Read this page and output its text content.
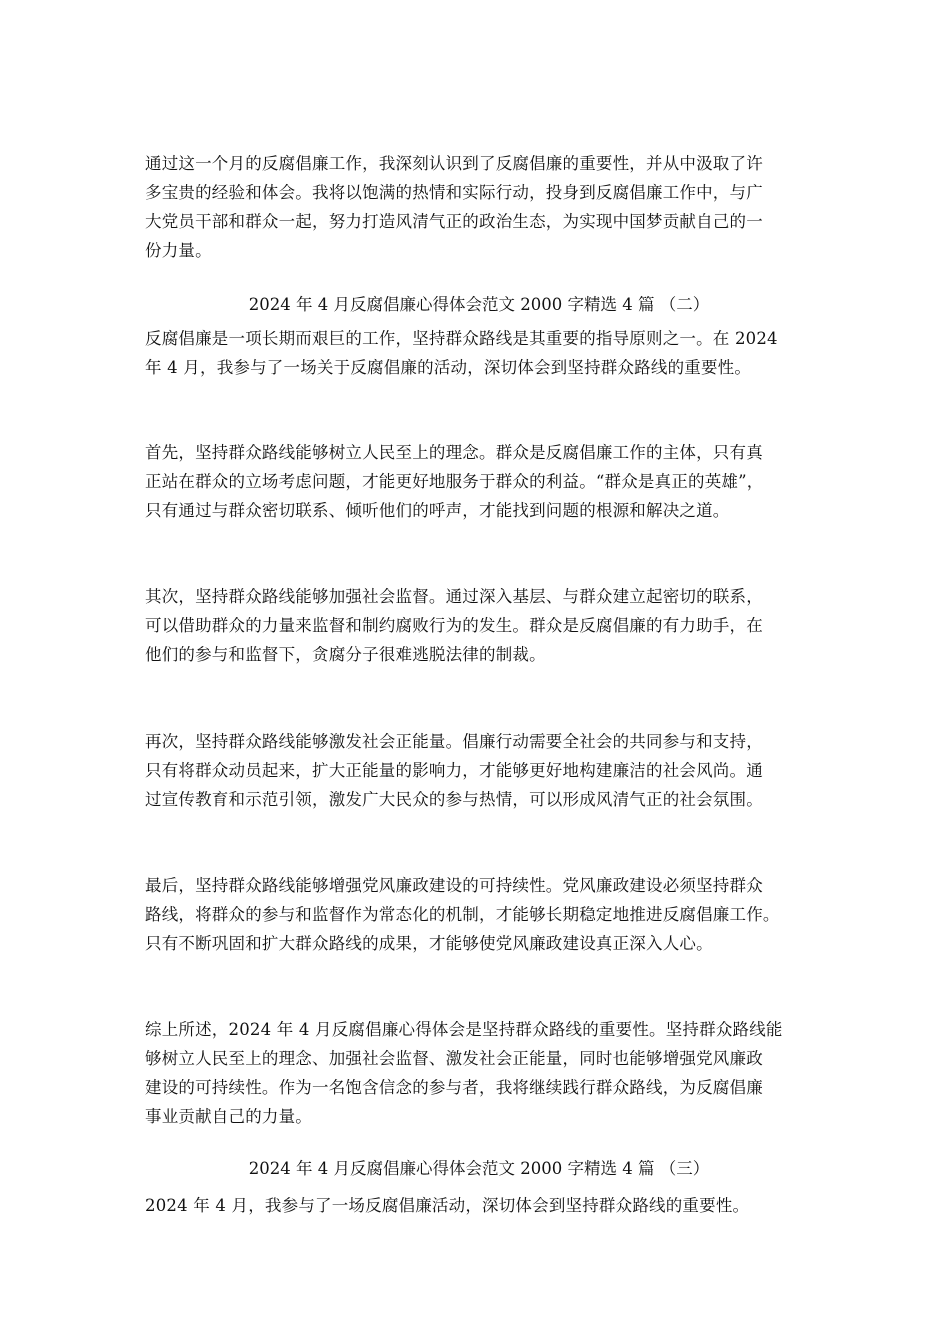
通过这一个月的反腐倡廉工作，我深刻认识到了反腐倡廉的重要性，并从中汲取了许
多宝贵的经验和体会。我将以饱满的热情和实际行动，投身到反腐倡廉工作中，与广
大党员干部和群众一起，努力打造风清气正的政治生态，为实现中国梦贡献自己的一
份力量。
2024 年 4 月反腐倡廉心得体会范文 2000 字精选 4 篇 （二）
反腐倡廉是一项长期而艰巨的工作，坚持群众路线是其重要的指导原则之一。在 2024
年 4 月，我参与了一场关于反腐倡廉的活动，深切体会到坚持群众路线的重要性。
首先，坚持群众路线能够树立人民至上的理念。群众是反腐倡廉工作的主体，只有真
正站在群众的立场考虑问题，才能更好地服务于群众的利益。“群众是真正的英雄”，
只有通过与群众密切联系、倾听他们的呼声，才能找到问题的根源和解决之道。
其次，坚持群众路线能够加强社会监督。通过深入基层、与群众建立起密切的联系，
可以借助群众的力量来监督和制约腐败行为的发生。群众是反腐倡廉的有力助手，在
他们的参与和监督下，贪腐分子很难逃脱法律的制裁。
再次，坚持群众路线能够激发社会正能量。倡廉行动需要全社会的共同参与和支持，
只有将群众动员起来，扩大正能量的影响力，才能够更好地构建廉洁的社会风尚。通
过宣传教育和示范引领，激发广大民众的参与热情，可以形成风清气正的社会氛围。
最后，坚持群众路线能够增强党风廉政建设的可持续性。党风廉政建设必须坚持群众
路线，将群众的参与和监督作为常态化的机制，才能够长期稳定地推进反腐倡廉工作。
只有不断巩固和扩大群众路线的成果，才能够使党风廉政建设真正深入人心。
综上所述，2024 年 4 月反腐倡廉心得体会是坚持群众路线的重要性。坚持群众路线能
够树立人民至上的理念、加强社会监督、激发社会正能量，同时也能够增强党风廉政
建设的可持续性。作为一名饱含信念的参与者，我将继续践行群众路线，为反腐倡廉
事业贡献自己的力量。
2024 年 4 月反腐倡廉心得体会范文 2000 字精选 4 篇 （三）
2024 年 4 月，我参与了一场反腐倡廉活动，深切体会到坚持群众路线的重要性。
